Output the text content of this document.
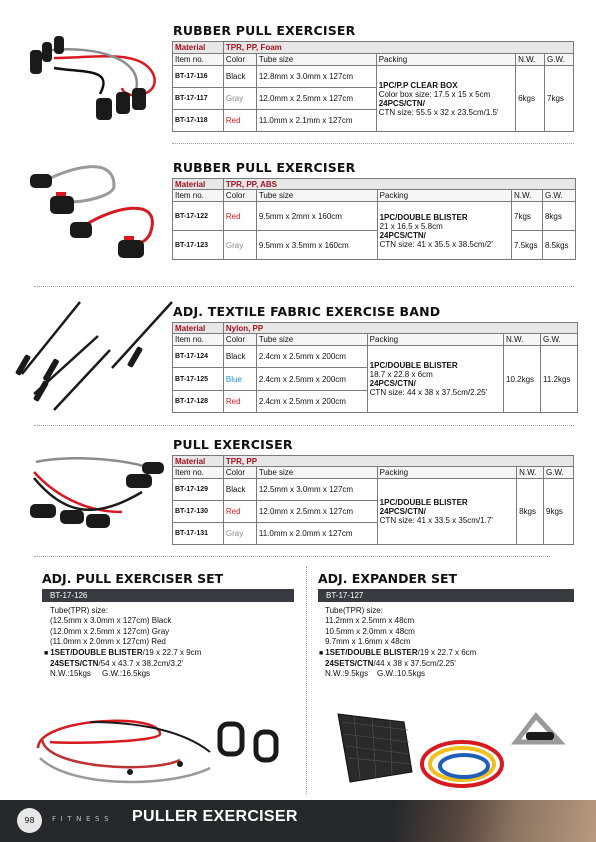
RUBBER PULL EXERCISER
Material	TPR, PP, Foam				
Item no.	Color	Tube size	Packing	N.W.	G.W.
BT-17-116	Black	12.8mm x 3.0mm x 127cm	1PC/P.P CLEAR BOX
Color box size: 17.5 x 15 x 5cm
24PCS/CTN/
CTN size: 55.5 x 32 x 23.5cm/1.5'	6kgs	7kgs
BT-17-117	Gray	12.0mm x 2.5mm x 127cm			
BT-17-118	Red	11.0mm x 2.1mm x 127cm			
RUBBER PULL EXERCISER
Material	TPR, PP, ABS				
Item no.	Color	Tube size	Packing	N.W.	G.W.
BT-17-122	Red	9.5mm x 2mm x 160cm	1PC/DOUBLE BLISTER
21 x 16.5 x 5.8cm
24PCS/CTN/
CTN size: 41 x 35.5 x 38.5cm/2'	7kgs	8kgs
BT-17-123	Gray	9.5mm x 3.5mm x 160cm		7.5kgs	8.5kgs
ADJ. TEXTILE FABRIC EXERCISE BAND
Material	Nylon, PP				
Item no.	Color	Tube size	Packing	N.W.	G.W.
BT-17-124	Black	2.4cm x 2.5mm x 200cm	1PC/DOUBLE BLISTER
18.7 x 22.8 x 6cm
24PCS/CTN/
CTN size: 44 x 38 x 37.5cm/2.25'	10.2kgs	11.2kgs
BT-17-125	Blue	2.4cm x 2.5mm x 200cm			
BT-17-128	Red	2.4cm x 2.5mm x 200cm			
PULL EXERCISER
Material	TPR, PP				
Item no.	Color	Tube size	Packing	N.W.	G.W.
BT-17-129	Black	12.5mm x 3.0mm x 127cm	1PC/DOUBLE BLISTER
24PCS/CTN/
CTN size: 41 x 33.5 x 35cm/1.7'	8kgs	9kgs
BT-17-130	Red	12.0mm x 2.5mm x 127cm			
BT-17-131	Gray	11.0mm x 2.0mm x 127cm			
ADJ. PULL EXERCISER SET
BT-17-126
Tube(TPR) size:
(12.5mm x 3.0mm x 127cm) Black
(12.0mm x 2.5mm x 127cm) Gray
(11.0mm x 2.0mm x 127cm) Red
■ 1SET/DOUBLE BLISTER/19 x 22.7 x 9cm
24SETS/CTN/54 x 43.7 x 38.2cm/3.2'
N.W.:15kgs     G.W.:16.5kgs
ADJ. EXPANDER SET
BT-17-127
Tube(TPR) size:
11.2mm x 2.5mm x 48cm
10.5mm x 2.0mm x 48cm
9.7mm x 1.6mm x 48cm
■ 1SET/DOUBLE BLISTER/19 x 22.7 x 6cm
24SETS/CTN/44 x 38 x 37.5cm/2.25'
N.W.:9.5kgs    G.W.:10.5kgs
98	FITNESS PULLER EXERCISER
